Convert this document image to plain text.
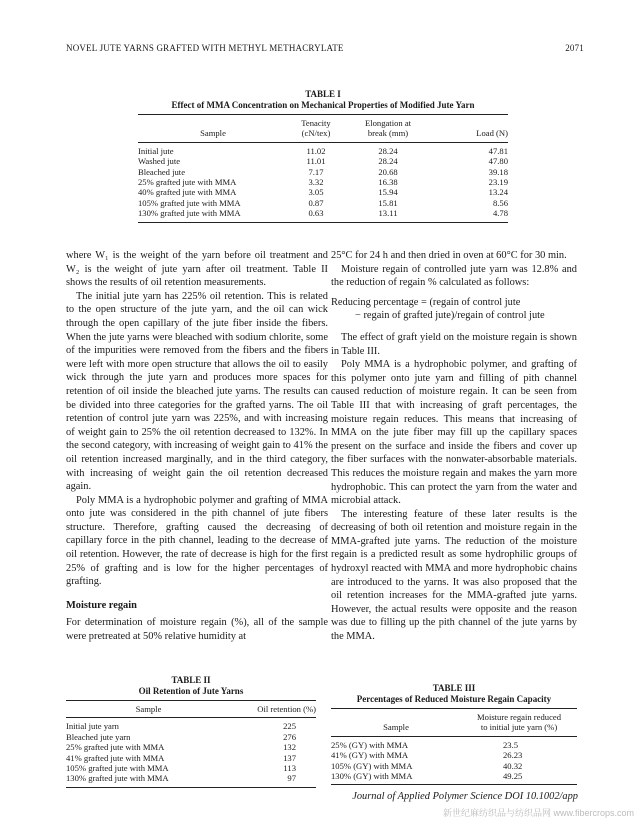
NOVEL JUTE YARNS GRAFTED WITH METHYL METHACRYLATE	2071
TABLE I
Effect of MMA Concentration on Mechanical Properties of Modified Jute Yarn
	Tenacity	Elongation at	
Sample	(cN/tex)	break (mm)	Load (N)
Initial jute	11.02	28.24	47.81
Washed jute	11.01	28.24	47.80
Bleached jute	7.17	20.68	39.18
25% grafted jute with MMA	3.32	16.38	23.19
40% grafted jute with MMA	3.05	15.94	13.24
105% grafted jute with MMA	0.87	15.81	8.56
130% grafted jute with MMA	0.63	13.11	4.78

where W₁ is the weight of the yarn before oil treatment and W₂ is the weight of jute yarn after oil treatment. Table II shows the results of oil retention measurements.

The initial jute yarn has 225% oil retention. This is related to the open structure of the jute yarn, and the oil can wick through the open capillary of the jute fiber inside the fibers. When the jute yarns were bleached with sodium chlorite, some of the impurities were removed from the fibers and the fibers were left with more open structure that allows the oil to easily wick through the jute yarn and produces more spaces for retention of oil inside the bleached jute yarns. The results can be divided into three categories for the grafted yarns. The oil retention of control jute yarn was 225%, and with increasing of weight gain to 25% the oil retention decreased to 132%. In the second category, with increasing of weight gain to 41% the oil retention increased marginally, and in the third category, with increasing of weight gain the oil retention decreased again.

Poly MMA is a hydrophobic polymer and grafting of MMA onto jute was considered in the pith channel of jute fibers structure. Therefore, grafting caused the decreasing of capillary force in the pith channel, leading to the decrease of oil retention. However, the rate of decrease is high for the first 25% of grafting and is low for the higher percentages of grafting.

Moisture regain

For determination of moisture regain (%), all of the sample were pretreated at 50% relative humidity at

25°C for 24 h and then dried in oven at 60°C for 30 min.

Moisture regain of controlled jute yarn was 12.8% and the reduction of regain % calculated as follows:

Reducing percentage = (regain of control jute
− regain of grafted jute)/regain of control jute

The effect of graft yield on the moisture regain is shown in Table III.

Poly MMA is a hydrophobic polymer, and grafting of this polymer onto jute yarn and filling of pith channel caused reduction of moisture regain. It can be seen from Table III that with increasing of graft percentages, the moisture regain reduces. This means that increasing of MMA on the jute fiber may fill up the capillary spaces present on the surface and inside the fibers and cover up the fiber surfaces with the nonwater-absorbable materials. This reduces the moisture regain and makes the yarn more hydrophobic. This can protect the yarn from the water and microbial attack.

The interesting feature of these later results is the decreasing of both oil retention and moisture regain in the MMA-grafted jute yarns. The reduction of the moisture regain is a predicted result as some hydrophilic groups of hydroxyl reacted with MMA and more hydrophobic chains are introduced to the yarns. It was also proposed that the oil retention increases for the MMA-grafted jute yarns. However, the actual results were opposite and the reason was due to filling up the pith channel of the jute yarns by the MMA.

TABLE II
Oil Retention of Jute Yarns
Sample	Oil retention (%)
Initial jute yarn	225
Bleached jute yarn	276
25% grafted jute with MMA	132
41% grafted jute with MMA	137
105% grafted jute with MMA	113
130% grafted jute with MMA	97
TABLE III
Percentages of Reduced Moisture Regain Capacity
	Moisture regain reduced
Sample	to initial jute yarn (%)
25% (GY) with MMA	23.5
41% (GY) with MMA	26.23
105% (GY) with MMA	40.32
130% (GY) with MMA	49.25
Journal of Applied Polymer Science DOI 10.1002/app
新世纪麻纺织品与纺织品网 www.fibercrops.com
